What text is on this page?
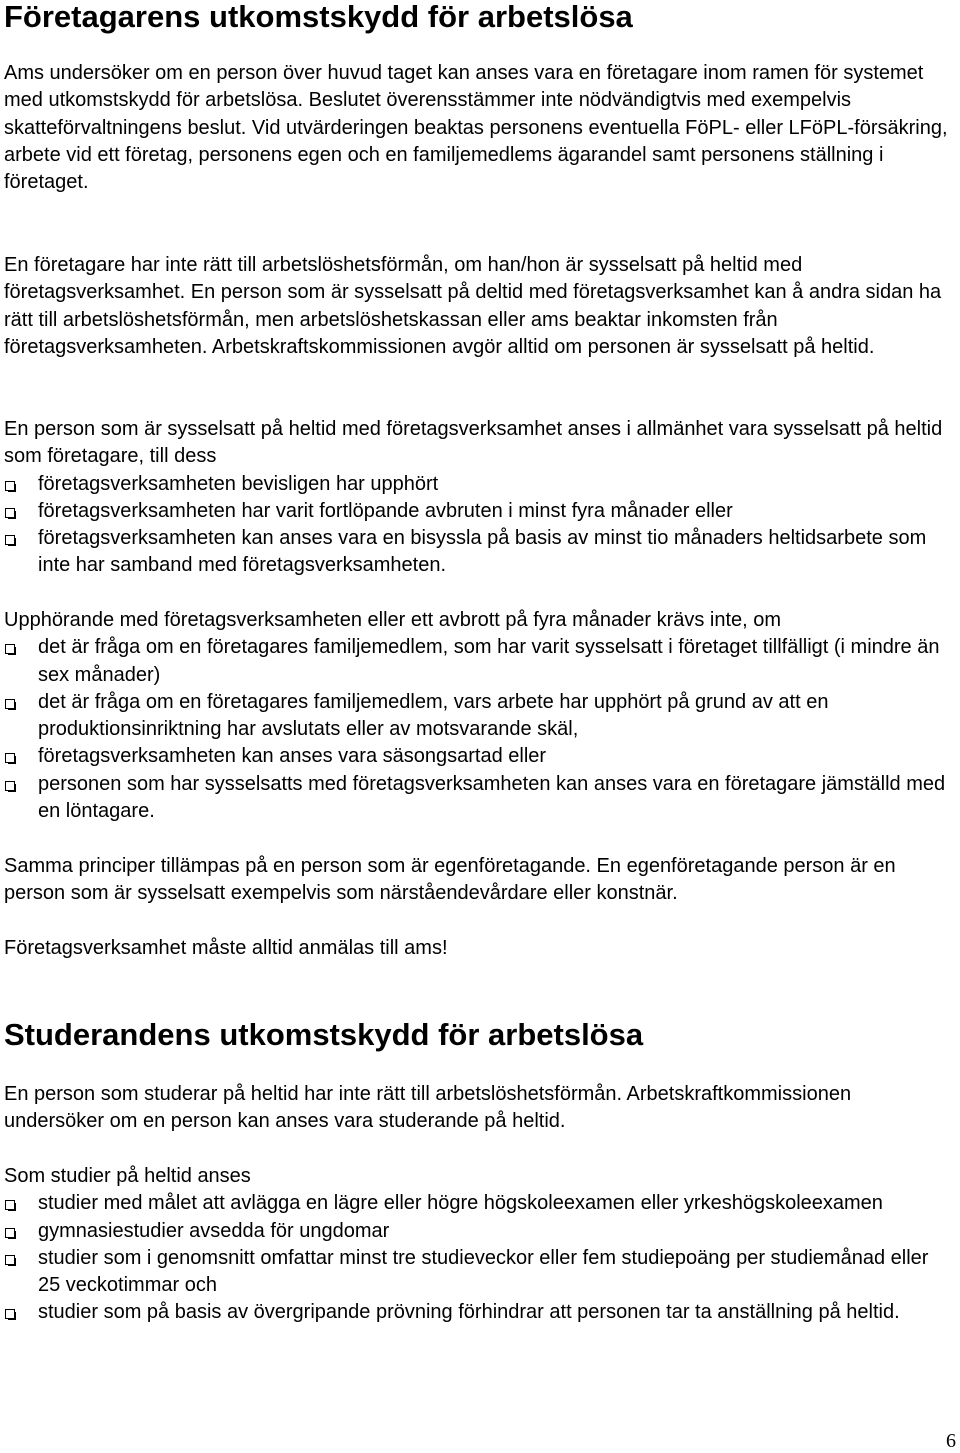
Företagarens utkomstskydd för arbetslösa

Ams undersöker om en person över huvud taget kan anses vara en företagare inom ramen för systemet med utkomstskydd för arbetslösa. Beslutet överensstämmer inte nödvändigtvis med exempelvis skatteförvaltningens beslut. Vid utvärderingen beaktas personens eventuella FöPL- eller LFöPL-försäkring, arbete vid ett företag, personens egen och en familjemedlems ägarandel samt personens ställning i företaget.

En företagare har inte rätt till arbetslöshetsförmån, om han/hon är sysselsatt på heltid med företagsverksamhet. En person som är sysselsatt på deltid med företagsverksamhet kan å andra sidan ha rätt till arbetslöshetsförmån, men arbetslöshetskassan eller ams beaktar inkomsten från företagsverksamheten. Arbetskraftskommissionen avgör alltid om personen är sysselsatt på heltid.

En person som är sysselsatt på heltid med företagsverksamhet anses i allmänhet vara sysselsatt på heltid som företagare, till dess

företagsverksamheten bevisligen har upphört
företagsverksamheten har varit fortlöpande avbruten i minst fyra månader eller
företagsverksamheten kan anses vara en bisyssla på basis av minst tio månaders heltidsarbete som inte har samband med företagsverksamheten.

Upphörande med företagsverksamheten eller ett avbrott på fyra månader krävs inte, om

det är fråga om en företagares familjemedlem, som har varit sysselsatt i företaget tillfälligt (i mindre än sex månader)
det är fråga om en företagares familjemedlem, vars arbete har upphört på grund av att en produktionsinriktning har avslutats eller av motsvarande skäl,
företagsverksamheten kan anses vara säsongsartad eller
personen som har sysselsatts med företagsverksamheten kan anses vara en företagare jämställd med en löntagare.

Samma principer tillämpas på en person som är egenföretagande. En egenföretagande person är en person som är sysselsatt exempelvis som närståendevårdare eller konstnär.

Företagsverksamhet måste alltid anmälas till ams!

Studerandens utkomstskydd för arbetslösa

En person som studerar på heltid har inte rätt till arbetslöshetsförmån. Arbetskraftkommissionen undersöker om en person kan anses vara studerande på heltid.

Som studier på heltid anses

studier med målet att avlägga en lägre eller högre högskoleexamen eller yrkeshögskoleexamen
gymnasiestudier avsedda för ungdomar
studier som i genomsnitt omfattar minst tre studieveckor eller fem studiepoäng per studiemånad eller 25 veckotimmar och
studier som på basis av övergripande prövning förhindrar att personen tar ta anställning på heltid.
6
